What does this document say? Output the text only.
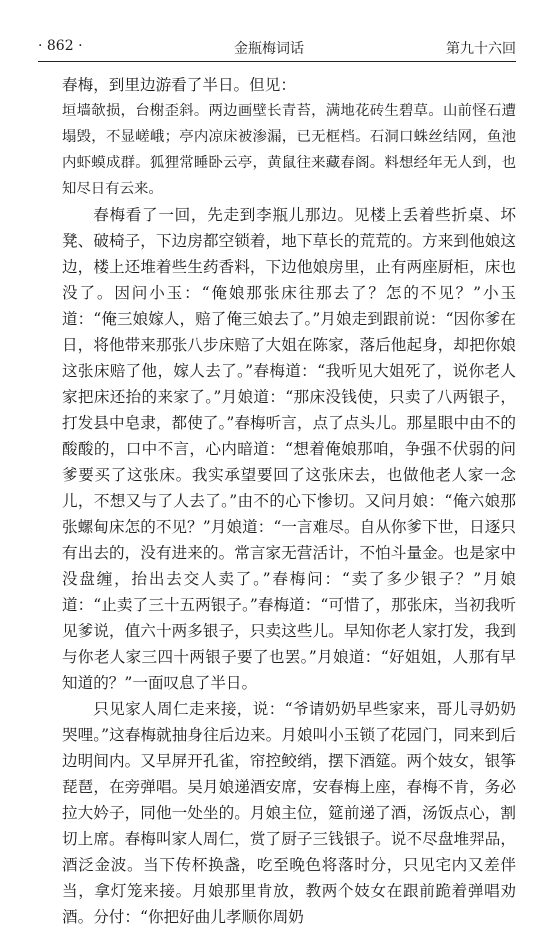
· 862 ·	金瓶梅词话	第九十六回

春梅，到里边游看了半日。但见：

垣墙欹损，台榭歪斜。两边画壁长青苔，满地花砖生碧草。山前怪石遭塌毁，不显嵯峨；亭内凉床被渗漏，已无框档。石洞口蛛丝结网，鱼池内虾蟆成群。狐狸常睡卧云亭，黄鼠往来藏春阁。料想经年无人到，也知尽日有云来。

春梅看了一回，先走到李瓶儿那边。见楼上丢着些折桌、坏凳、破椅子，下边房都空锁着，地下草长的荒荒的。方来到他娘这边，楼上还堆着些生药香料，下边他娘房里，止有两座厨柜，床也没了。因问小玉：“俺娘那张床往那去了？怎的不见？”小玉道：“俺三娘嫁人，赔了俺三娘去了。”月娘走到跟前说：“因你爹在日，将他带来那张八步床赔了大姐在陈家，落后他起身，却把你娘这张床赔了他，嫁人去了。”春梅道：“我听见大姐死了，说你老人家把床还抬的来家了。”月娘道：“那床没钱使，只卖了八两银子，打发县中皂隶，都使了。”春梅听言，点了点头儿。那星眼中由不的酸酸的，口中不言，心内暗道：“想着俺娘那咱，争强不伏弱的问爹要买了这张床。我实承望要回了这张床去，也做他老人家一念儿，不想又与了人去了。”由不的心下惨切。又问月娘：“俺六娘那张螺甸床怎的不见？”月娘道：“一言难尽。自从你爹下世，日逐只有出去的，没有进来的。常言家无营活计，不怕斗量金。也是家中没盘缠，抬出去交人卖了。”春梅问：“卖了多少银子？”月娘道：“止卖了三十五两银子。”春梅道：“可惜了，那张床，当初我听见爹说，值六十两多银子，只卖这些儿。早知你老人家打发，我到与你老人家三四十两银子要了也罢。”月娘道：“好姐姐，人那有早知道的？”一面叹息了半日。

只见家人周仁走来接，说：“爷请奶奶早些家来，哥儿寻奶奶哭哩。”这春梅就抽身往后边来。月娘叫小玉锁了花园门，同来到后边明间内。又早屏开孔雀，帘控鲛绡，摆下酒筵。两个妓女，银筝琵琶，在旁弹唱。吴月娘递酒安席，安春梅上座，春梅不肯，务必拉大妗子，同他一处坐的。月娘主位，筵前递了酒，汤饭点心，割切上席。春梅叫家人周仁，赏了厨子三钱银子。说不尽盘堆羿品，酒泛金波。当下传杯换盏，吃至晚色将落时分，只见宅内又差伴当，拿灯笼来接。月娘那里肯放，教两个妓女在跟前跪着弹唱劝酒。分付：“你把好曲儿孝顺你周奶
